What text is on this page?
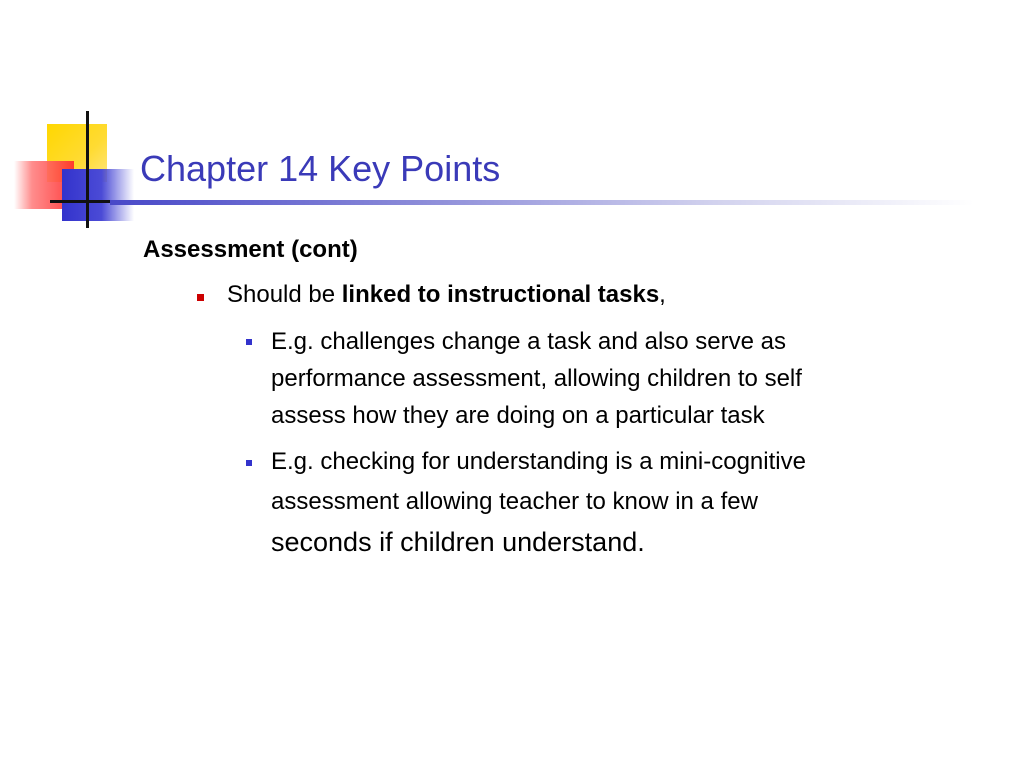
Chapter 14 Key Points
Assessment (cont)
Should be linked to instructional tasks,
E.g. challenges change a task and also serve as
performance assessment, allowing children to self
assess how they are doing on a particular task
E.g. checking for understanding is a mini-cognitive
assessment allowing teacher to know in a few
seconds if children understand.
